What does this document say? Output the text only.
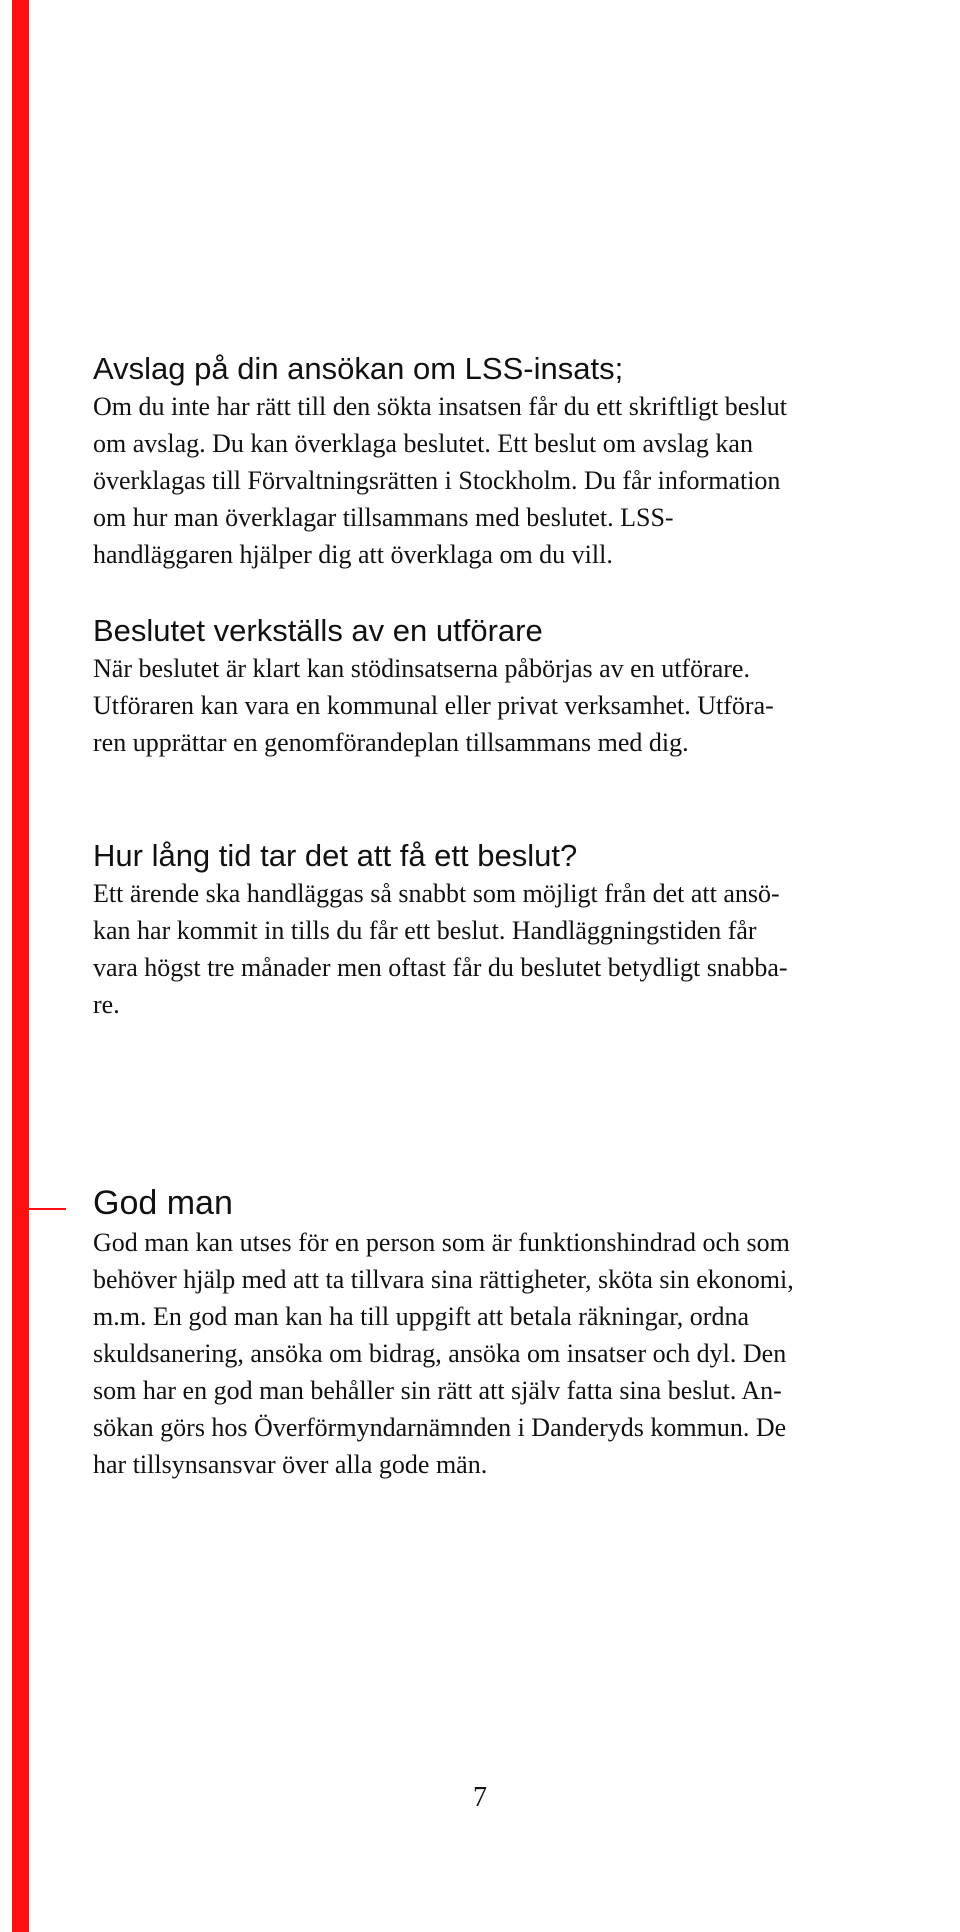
Avslag på din ansökan om LSS-insats;

Om du inte har rätt till den sökta insatsen får du ett skriftligt beslut
om avslag. Du kan överklaga beslutet. Ett beslut om avslag kan
överklagas till Förvaltningsrätten i Stockholm. Du får information
om hur man överklagar tillsammans med beslutet. LSS-
handläggaren hjälper dig att överklaga om du vill.

Beslutet verkställs av en utförare

När beslutet är klart kan stödinsatserna påbörjas av en utförare.
Utföraren kan vara en kommunal eller privat verksamhet. Utföra-
ren upprättar en genomförandeplan tillsammans med dig.

Hur lång tid tar det att få ett beslut?

Ett ärende ska handläggas så snabbt som möjligt från det att ansö-
kan har kommit in tills du får ett beslut. Handläggningstiden får
vara högst tre månader men oftast får du beslutet betydligt snabba-
re.

God man

God man kan utses för en person som är funktionshindrad och som
behöver hjälp med att ta tillvara sina rättigheter, sköta sin ekonomi,
m.m. En god man kan ha till uppgift att betala räkningar, ordna
skuldsanering, ansöka om bidrag, ansöka om insatser och dyl. Den
som har en god man behåller sin rätt att själv fatta sina beslut. An-
sökan görs hos Överförmyndarnämnden i Danderyds kommun. De
har tillsynsansvar över alla gode män.

7
